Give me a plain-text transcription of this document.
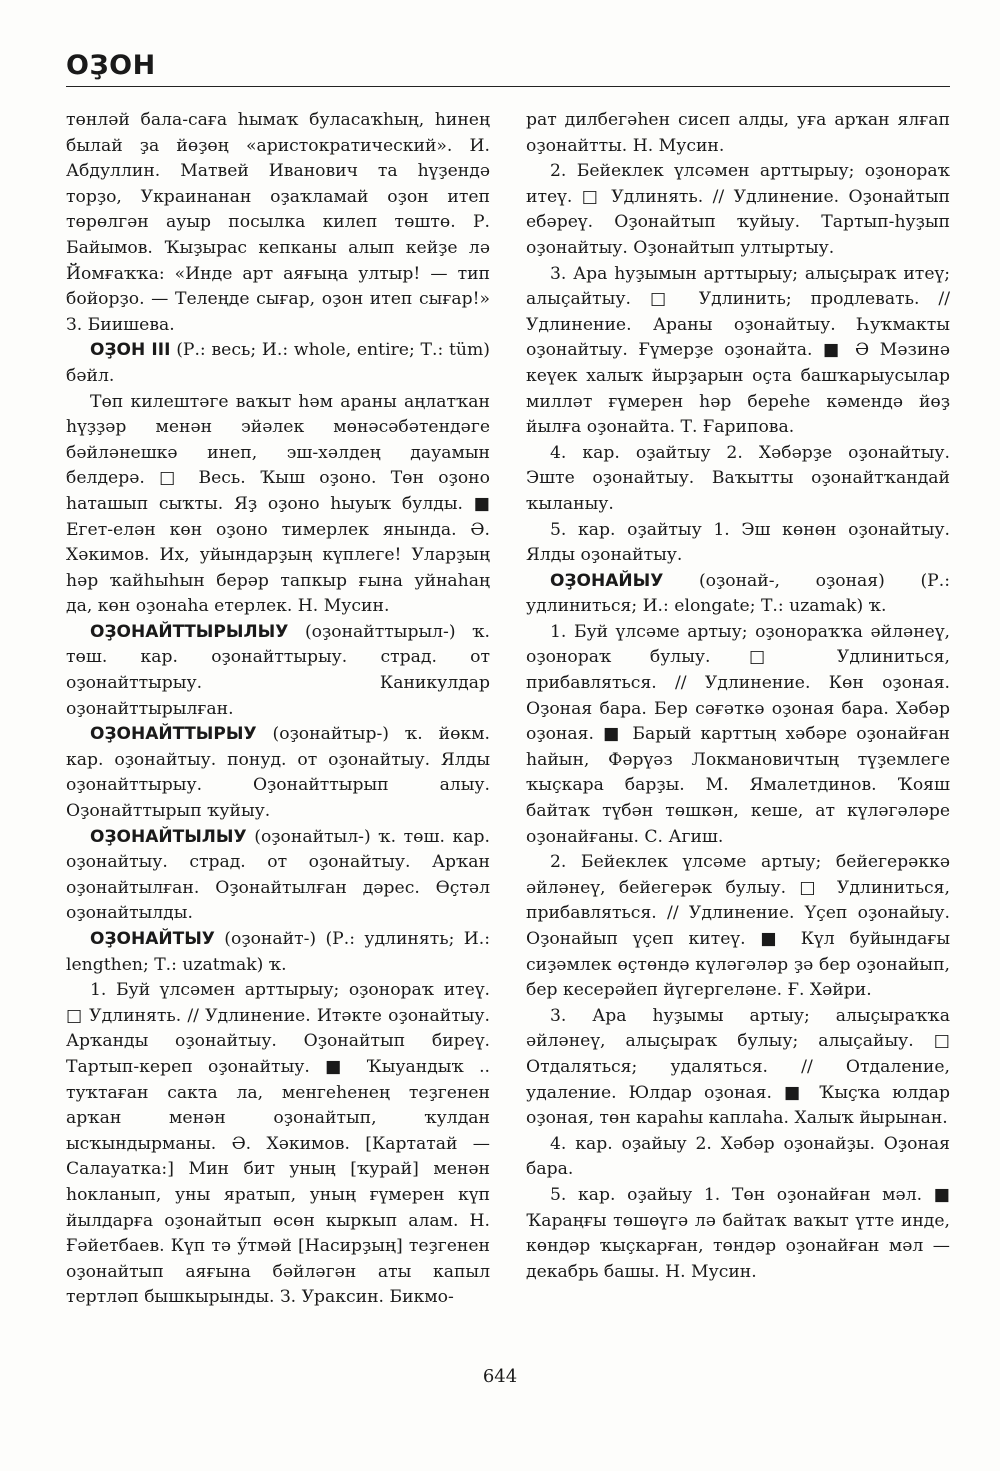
ОҘОН

төнләй бала-саға һымаҡ буласаҡһың, һинең былай ҙа йөҙөң «аристократический». И. Абдуллин. Матвей Иванович та һүҙендә торҙо, Украинанан оҙаҡламай оҙон итеп төрөлгән ауыр посылка килеп төштө. Р. Байымов. Ҡыҙырас кепканы алып кейҙе лә Йомғаҡҡа: «Инде арт аяғыңа ултыр! — тип бойорҙо. — Телеңде сығар, оҙон итеп сығар!» З. Биишева.

ОҘОН III (Р.: весь; И.: whole, entire; Т.: tüm) бәйл.

Төп килештәге ваҡыт һәм араны аңлатҡан һүҙҙәр менән эйәлек мөнәсәбәтендәге бәйләнешкә инеп, эш-хәлдең дауамын белдерә. □ Весь. Ҡыш оҙоно. Төн оҙоно һаташып сыҡты. Яҙ оҙоно һыуыҡ булды. ■ Егет-елән көн оҙоно тимерлек янында. Ә. Хәкимов. Их, уйындарҙың күплеге! Уларҙың һәр ҡайһыһын берәр тапкыр ғына уйнаһаң да, көн оҙонаһа етерлек. Н. Мусин.

ОҘОНАЙТТЫРЫЛЫУ (оҙонайттырыл-) ҡ. төш. кар. оҙонайттырыу. страд. от оҙонайттырыу. Каникулдар оҙонайттырылған.

ОҘОНАЙТТЫРЫУ (оҙонайтыр-) ҡ. йөкм. кар. оҙонайтыу. понуд. от оҙонайтыу. Ялды оҙонайттырыу. Оҙонайттырып алыу. Оҙонайттырып ҡуйыу.

ОҘОНАЙТЫЛЫУ (оҙонайтыл-) ҡ. төш. кар. оҙонайтыу. страд. от оҙонайтыу. Арҡан оҙонайтылған. Оҙонайтылған дәрес. Өҫтәл оҙонайтылды.

ОҘОНАЙТЫУ (оҙонайт-) (Р.: удлинять; И.: lengthen; Т.: uzatmak) ҡ.

1. Буй үлсәмен арттырыу; оҙонораҡ итеү. □ Удлинять. // Удлинение. Итәкте оҙонайтыу. Арҡанды оҙонайтыу. Оҙонайтып бирeү. Тартып-кереп оҙонайтыу. ■ Ҡыуандыҡ .. туҡтаған сакта ла, менгеһенең теҙгенен арҡан менән оҙонайтып, ҡулдан ысҡындырманы. Ә. Хәкимов. [Картатай — Салауатка:] Мин бит уның [ҡурай] менән һокланып, уны яратып, уның ғүмерен күп йылдарға оҙонайтып өсөн кыркып алам. Н. Ғәйетбаев. Күп тә ӳтмәй [Насирҙың] теҙгенен оҙонайтып аяғына бәйләгән аты капыл тертләп бышкырынды. З. Ураксин. Бикмо-

рат дилбегәһен сисеп алды, уға арҡан ялғап оҙонайтты. Н. Мусин.

2. Бейеклек үлсәмен арттырыу; оҙонораҡ итеү. □ Удлинять. // Удлинение. Оҙонайтып ебәреү. Оҙонайтып ҡуйыу. Тартып-һуҙып оҙонайтыу. Оҙонайтып ултыртыу.

3. Ара һуҙымын арттырыу; алыҫыраҡ итеү; алыҫайтыу. □ Удлинить; продлевать. // Удлинение. Араны оҙонайтыу. Һуҡмакты оҙонайтыу. Ғүмерҙе оҙонайта. ■ Ә Мәзинә кеүек халыҡ йырҙарын оҫта башҡарыусылар милләт ғүмерен һәр береһе кәмендә йөҙ йылға оҙонайта. Т. Ғарипова.

4. кар. оҙайтыу 2. Хәбәрҙе оҙонайтыу. Эште оҙонайтыу. Ваҡытты оҙонайтҡандай ҡыланыу.

5. кар. оҙайтыу 1. Эш көнөн оҙонайтыу. Ялды оҙонайтыу.

ОҘОНАЙЫУ (оҙонай-, оҙоная) (Р.: удлиниться; И.: elongate; Т.: uzamak) ҡ.

1. Буй үлсәме артыу; оҙонораҡҡа әйләнеү, оҙонораҡ булыу. □ Удлиниться, прибавляться. // Удлинение. Көн оҙоная. Оҙоная бара. Бер сәғәткә оҙоная бара. Хәбәр оҙоная. ■ Барый карттың хәбәре оҙонайған һайын, Фәрүәз Локмановичтың түҙемлеге ҡыҫкара барҙы. М. Ямалетдинов. Ҡояш байтаҡ түбән төшкән, кеше, ат күләгәләре оҙонайғаны. С. Агиш.

2. Бейеклек үлсәме артыу; бейегерәккә әйләнеү, бейегерәк булыу. □ Удлиниться, прибавляться. // Удлинение. Үҫеп оҙонайыу. Оҙонайып үҫеп китеү. ■ Күл буйындағы сиҙәмлек өҫтөндә күләгәләр ҙә бер оҙонайып, бер кесерәйеп йүгергеләне. Ғ. Хәйри.

3. Ара һуҙымы артыу; алыҫыраҡҡа әйләнеү, алыҫыраҡ булыу; алыҫайыу. □ Отдаляться; удаляться. // Отдаление, удаление. Юлдар оҙоная. ■ Ҡыҫҡа юлдар оҙоная, төн караһы каплаһа. Халыҡ йырынан.

4. кар. оҙайыу 2. Хәбәр оҙонайҙы. Оҙоная бара.

5. кар. оҙайыу 1. Төн оҙонайған мәл. ■ Ҡараңғы төшөүгә лә байтаҡ ваҡыт үтте инде, көндәр ҡыҫкарған, төндәр оҙонайған мәл — декабрь башы. Н. Мусин.

644
